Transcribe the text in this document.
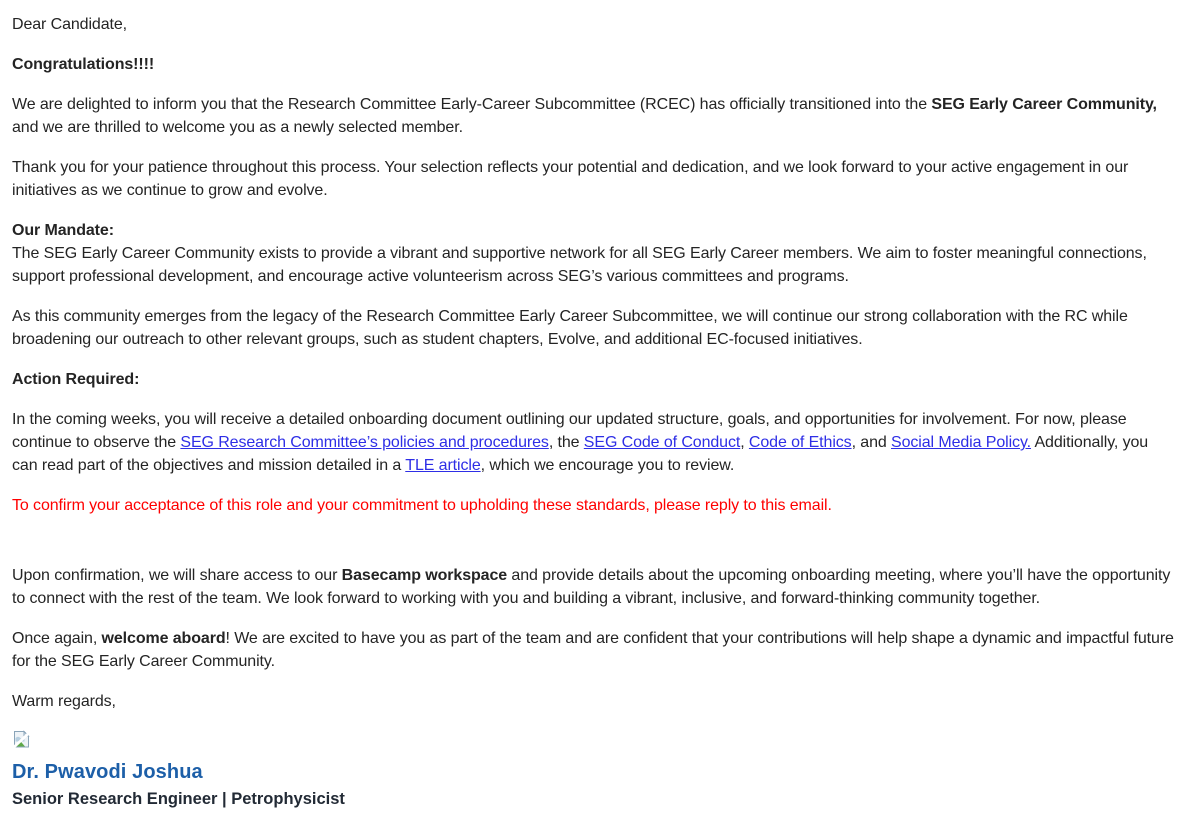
Dear Candidate,

Congratulations!!!!

We are delighted to inform you that the Research Committee Early-Career Subcommittee (RCEC) has officially transitioned into the SEG Early Career Community, and we are thrilled to welcome you as a newly selected member.

Thank you for your patience throughout this process. Your selection reflects your potential and dedication, and we look forward to your active engagement in our initiatives as we continue to grow and evolve.

Our Mandate:
The SEG Early Career Community exists to provide a vibrant and supportive network for all SEG Early Career members. We aim to foster meaningful connections, support professional development, and encourage active volunteerism across SEG’s various committees and programs.

As this community emerges from the legacy of the Research Committee Early Career Subcommittee, we will continue our strong collaboration with the RC while broadening our outreach to other relevant groups, such as student chapters, Evolve, and additional EC-focused initiatives.

Action Required:

In the coming weeks, you will receive a detailed onboarding document outlining our updated structure, goals, and opportunities for involvement. For now, please continue to observe the SEG Research Committee’s policies and procedures, the SEG Code of Conduct, Code of Ethics, and Social Media Policy. Additionally, you can read part of the objectives and mission detailed in a TLE article, which we encourage you to review.

To confirm your acceptance of this role and your commitment to upholding these standards, please reply to this email.

Upon confirmation, we will share access to our Basecamp workspace and provide details about the upcoming onboarding meeting, where you’ll have the opportunity to connect with the rest of the team. We look forward to working with you and building a vibrant, inclusive, and forward-thinking community together.

Once again, welcome aboard! We are excited to have you as part of the team and are confident that your contributions will help shape a dynamic and impactful future for the SEG Early Career Community.

Warm regards,

Dr. Pwavodi Joshua

Senior Research Engineer | Petrophysicist
